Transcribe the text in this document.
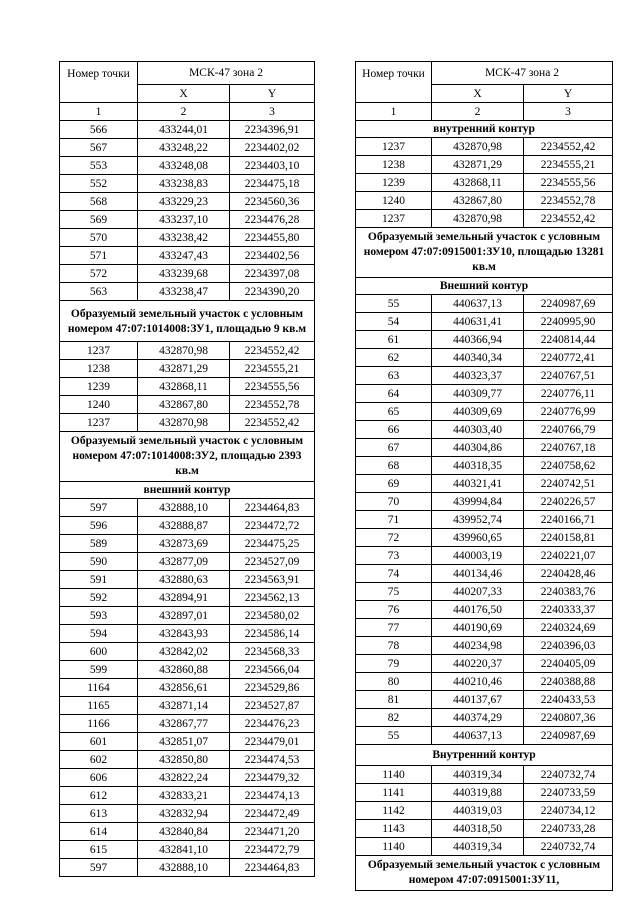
Номер точки	МСК-47 зона 2	
	X	Y
1	2	3
566	433244,01	2234396,91
567	433248,22	2234402,02
553	433248,08	2234403,10
552	433238,83	2234475,18
568	433229,23	2234560,36
569	433237,10	2234476,28
570	433238,42	2234455,80
571	433247,43	2234402,56
572	433239,68	2234397,08
563	433238,47	2234390,20
Образуемый земельный участок с условным номером 47:07:1014008:ЗУ1, площадью 9 кв.м		
1237	432870,98	2234552,42
1238	432871,29	2234555,21
1239	432868,11	2234555,56
1240	432867,80	2234552,78
1237	432870,98	2234552,42
Образуемый земельный участок с условным номером 47:07:1014008:ЗУ2, площадью 2393 кв.м		
внешний контур		
597	432888,10	2234464,83
596	432888,87	2234472,72
589	432873,69	2234475,25
590	432877,09	2234527,09
591	432880,63	2234563,91
592	432894,91	2234562,13
593	432897,01	2234580,02
594	432843,93	2234586,14
600	432842,02	2234568,33
599	432860,88	2234566,04
1164	432856,61	2234529,86
1165	432871,14	2234527,87
1166	432867,77	2234476,23
601	432851,07	2234479,01
602	432850,80	2234474,53
606	432822,24	2234479,32
612	432833,21	2234474,13
613	432832,94	2234472,49
614	432840,84	2234471,20
615	432841,10	2234472,79
597	432888,10	2234464,83
Номер точки	МСК-47 зона 2	
	X	Y
1	2	3
внутренний контур		
1237	432870,98	2234552,42
1238	432871,29	2234555,21
1239	432868,11	2234555,56
1240	432867,80	2234552,78
1237	432870,98	2234552,42
Образуемый земельный участок с условным номером 47:07:0915001:ЗУ10, площадью 13281 кв.м		
Внешний контур		
55	440637,13	2240987,69
54	440631,41	2240995,90
61	440366,94	2240814,44
62	440340,34	2240772,41
63	440323,37	2240767,51
64	440309,77	2240776,11
65	440309,69	2240776,99
66	440303,40	2240766,79
67	440304,86	2240767,18
68	440318,35	2240758,62
69	440321,41	2240742,51
70	439994,84	2240226,57
71	439952,74	2240166,71
72	439960,65	2240158,81
73	440003,19	2240221,07
74	440134,46	2240428,46
75	440207,33	2240383,76
76	440176,50	2240333,37
77	440190,69	2240324,69
78	440234,98	2240396,03
79	440220,37	2240405,09
80	440210,46	2240388,88
81	440137,67	2240433,53
82	440374,29	2240807,36
55	440637,13	2240987,69
Внутренний контур		
1140	440319,34	2240732,74
1141	440319,88	2240733,59
1142	440319,03	2240734,12
1143	440318,50	2240733,28
1140	440319,34	2240732,74
Образуемый земельный участок с условным номером 47:07:0915001:ЗУ11,		
